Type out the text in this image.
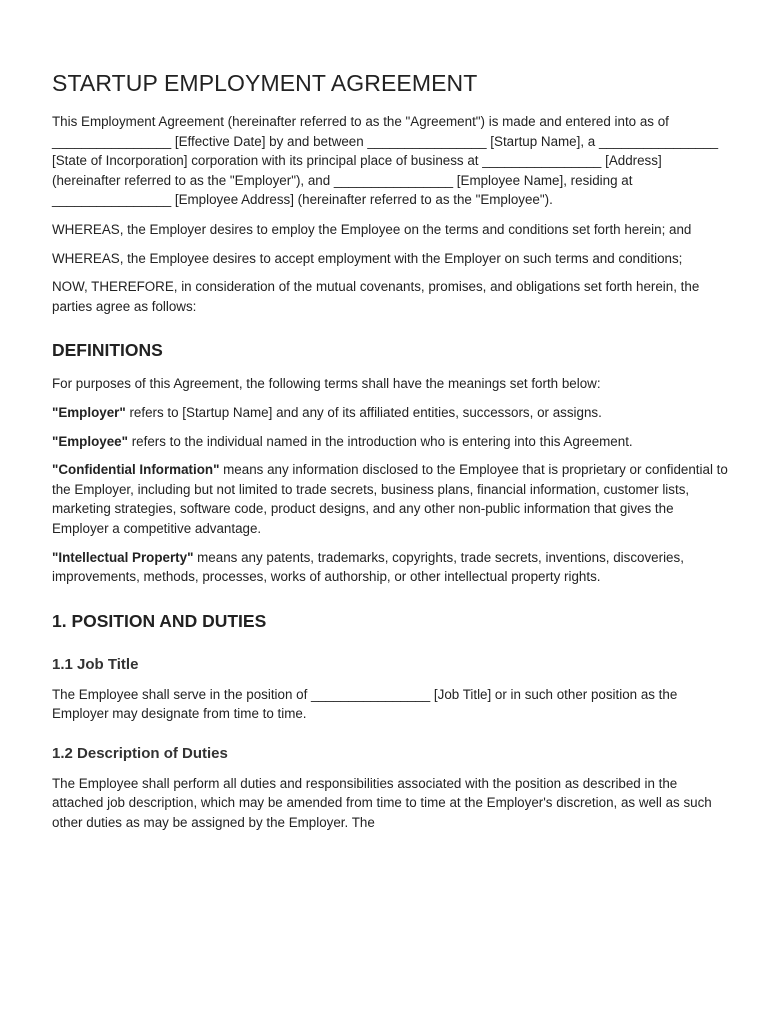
STARTUP EMPLOYMENT AGREEMENT

This Employment Agreement (hereinafter referred to as the "Agreement") is made and entered into as of ________________ [Effective Date] by and between ________________ [Startup Name], a ________________ [State of Incorporation] corporation with its principal place of business at ________________ [Address] (hereinafter referred to as the "Employer"), and ________________ [Employee Name], residing at ________________ [Employee Address] (hereinafter referred to as the "Employee").

WHEREAS, the Employer desires to employ the Employee on the terms and conditions set forth herein; and

WHEREAS, the Employee desires to accept employment with the Employer on such terms and conditions;

NOW, THEREFORE, in consideration of the mutual covenants, promises, and obligations set forth herein, the parties agree as follows:

DEFINITIONS

For purposes of this Agreement, the following terms shall have the meanings set forth below:

"Employer" refers to [Startup Name] and any of its affiliated entities, successors, or assigns.

"Employee" refers to the individual named in the introduction who is entering into this Agreement.

"Confidential Information" means any information disclosed to the Employee that is proprietary or confidential to the Employer, including but not limited to trade secrets, business plans, financial information, customer lists, marketing strategies, software code, product designs, and any other non-public information that gives the Employer a competitive advantage.

"Intellectual Property" means any patents, trademarks, copyrights, trade secrets, inventions, discoveries, improvements, methods, processes, works of authorship, or other intellectual property rights.

1. POSITION AND DUTIES
1.1 Job Title

The Employee shall serve in the position of ________________ [Job Title] or in such other position as the Employer may designate from time to time.

1.2 Description of Duties

The Employee shall perform all duties and responsibilities associated with the position as described in the attached job description, which may be amended from time to time at the Employer's discretion, as well as such other duties as may be assigned by the Employer. The
